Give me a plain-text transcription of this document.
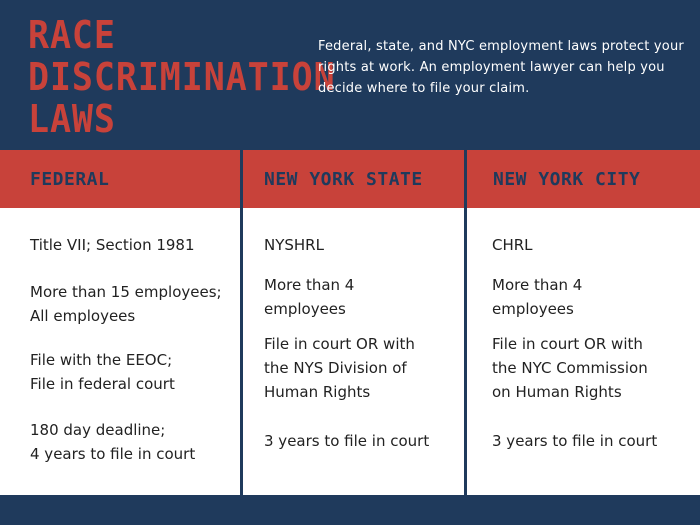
RACE
DISCRIMINATION
LAWS
Federal, state, and NYC employment laws protect your rights at work. An employment lawyer can help you decide where to file your claim.
FEDERAL	NEW YORK STATE	NEW YORK CITY
Title VII; Section 1981
More than 15 employees;
All employees
File with the EEOC;
File in federal court
180 day deadline;
4 years to file in court
NYSHRL
More than 4
employees
File in court OR with
the NYS Division of
Human Rights
3 years to file in court
CHRL
More than 4
employees
File in court OR with
the NYC Commission
on Human Rights
3 years to file in court
